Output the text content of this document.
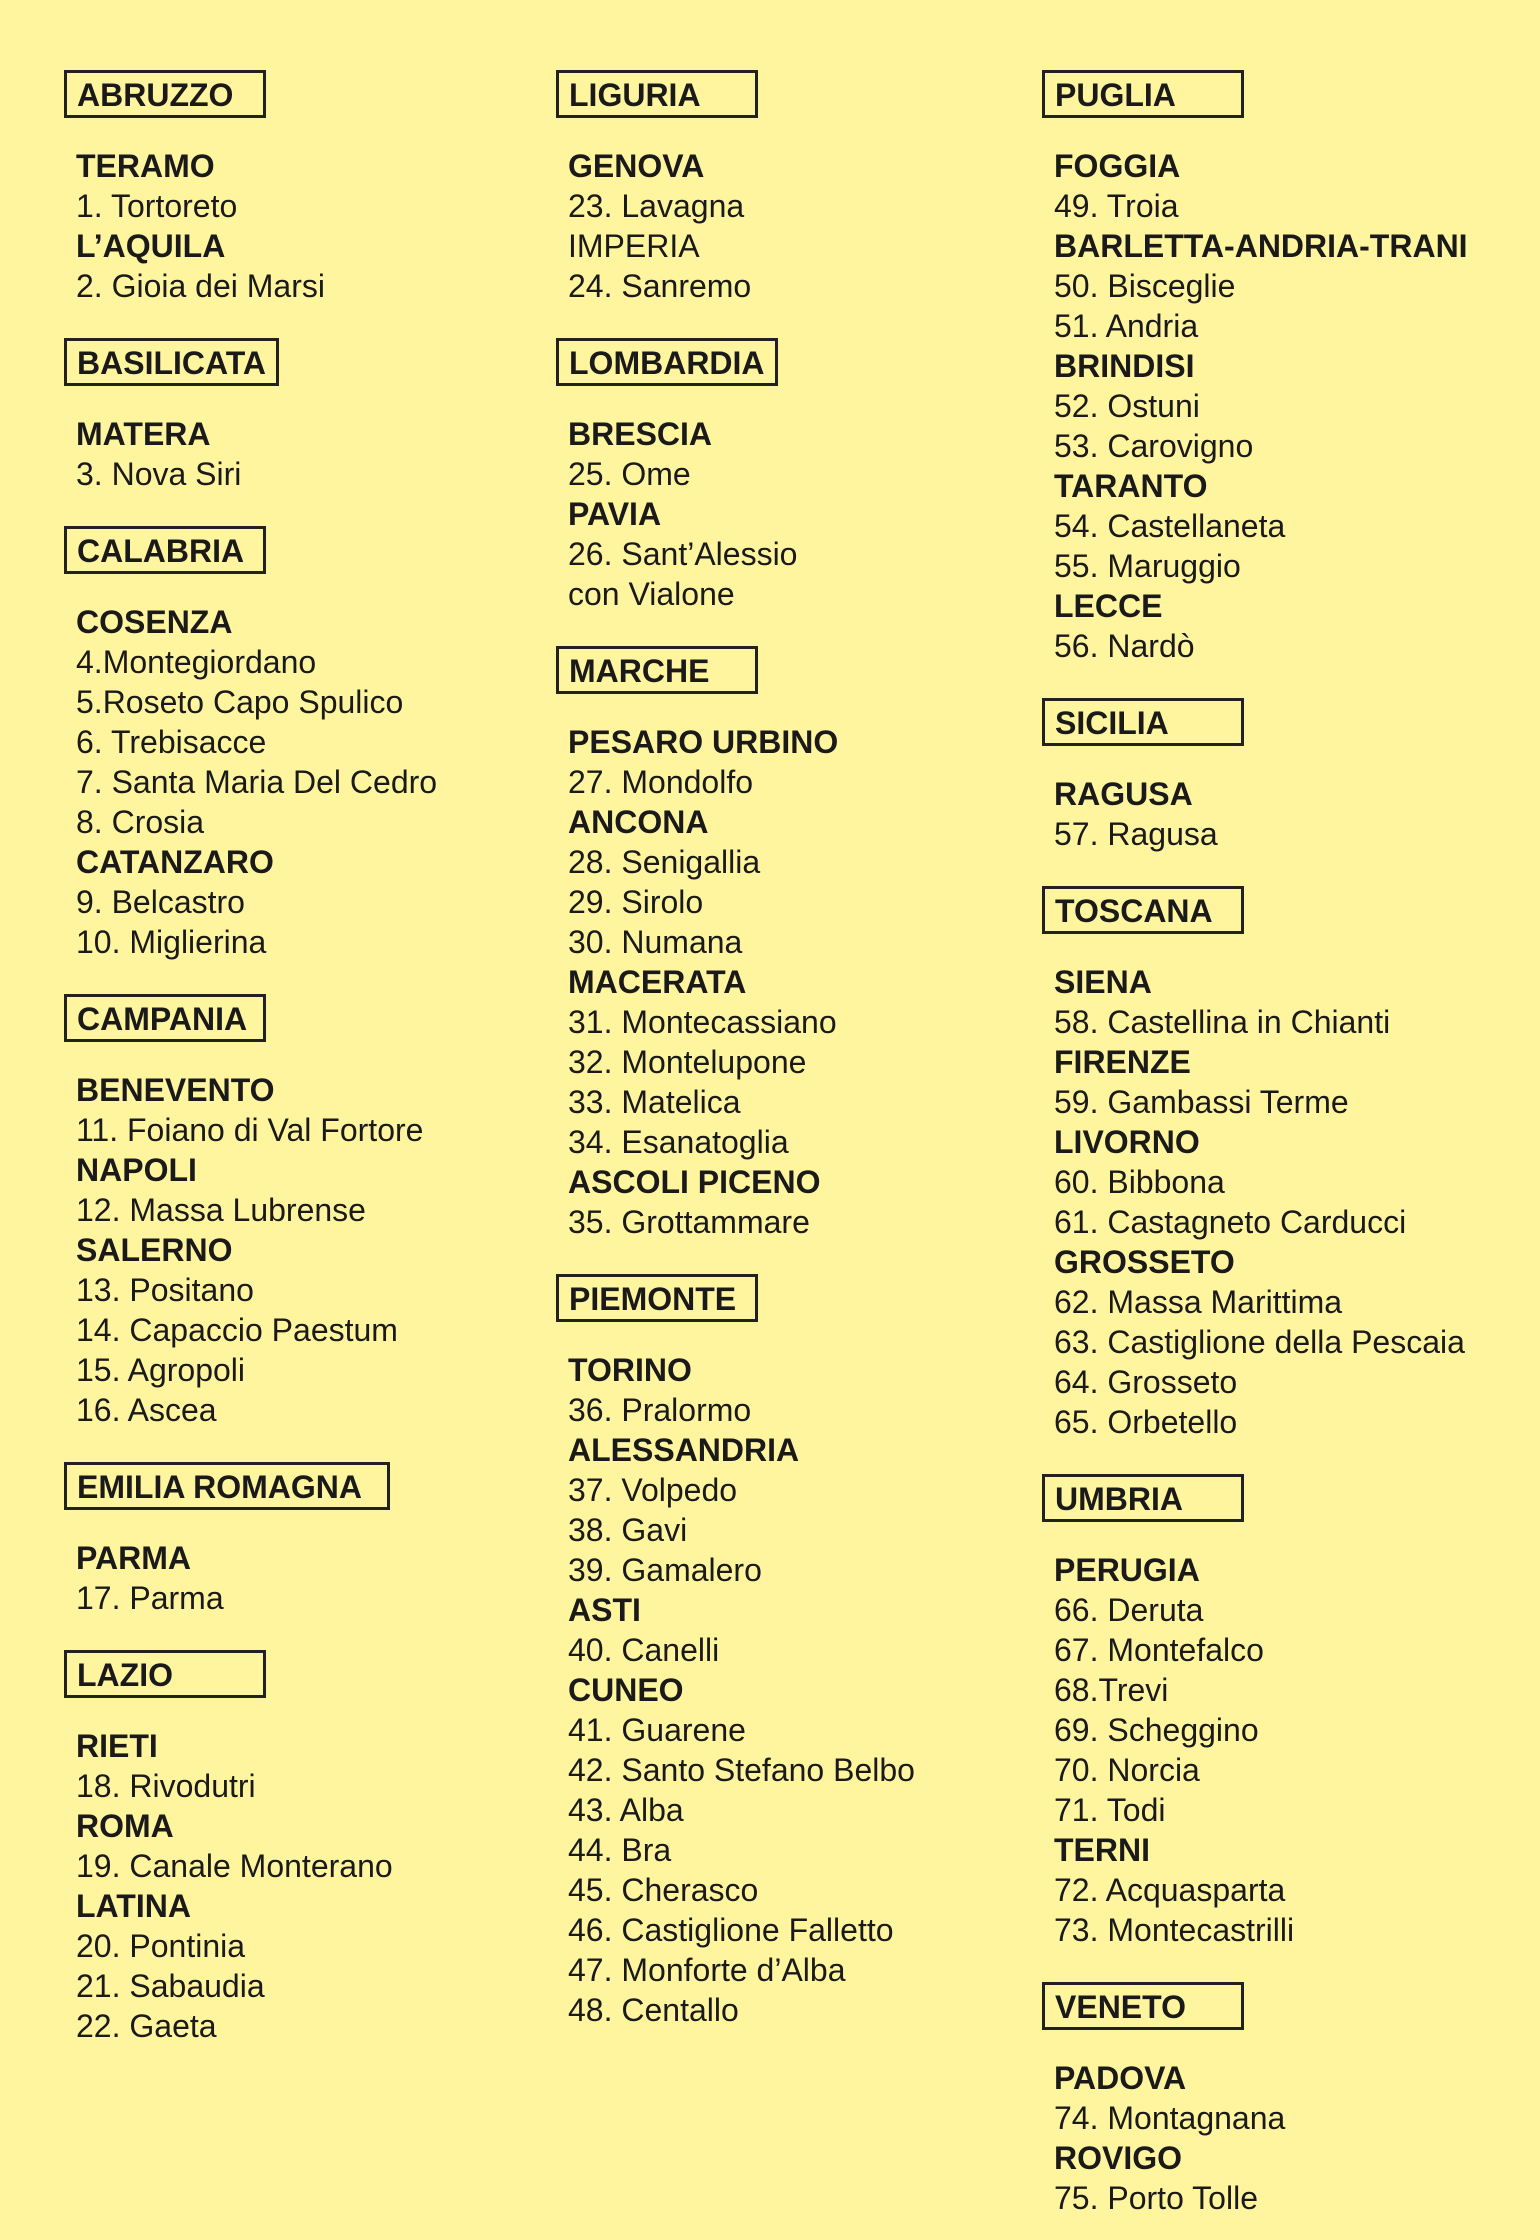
ABRUZZO
TERAMO
1. Tortoreto
L’AQUILA
2. Gioia dei Marsi
BASILICATA
MATERA
3. Nova Siri
CALABRIA
COSENZA
4.Montegiordano
5.Roseto Capo Spulico
6. Trebisacce
7. Santa Maria Del Cedro
8. Crosia
CATANZARO
9. Belcastro
10. Miglierina
CAMPANIA
BENEVENTO
11. Foiano di Val Fortore
NAPOLI
12. Massa Lubrense
SALERNO
13. Positano
14. Capaccio Paestum
15. Agropoli
16. Ascea
EMILIA ROMAGNA
PARMA
17. Parma
LAZIO
RIETI
18. Rivodutri
ROMA
19. Canale Monterano
LATINA
20. Pontinia
21. Sabaudia
22. Gaeta
LIGURIA
GENOVA
23. Lavagna
IMPERIA
24. Sanremo
LOMBARDIA
BRESCIA
25. Ome
PAVIA
26. Sant’Alessio
con Vialone
MARCHE
PESARO URBINO
27. Mondolfo
ANCONA
28. Senigallia
29. Sirolo
30. Numana
MACERATA
31. Montecassiano
32. Montelupone
33. Matelica
34. Esanatoglia
ASCOLI PICENO
35. Grottammare
PIEMONTE
TORINO
36. Pralormo
ALESSANDRIA
37. Volpedo
38. Gavi
39. Gamalero
ASTI
40. Canelli
CUNEO
41. Guarene
42. Santo Stefano Belbo
43. Alba
44. Bra
45. Cherasco
46. Castiglione Falletto
47. Monforte d’Alba
48. Centallo
PUGLIA
FOGGIA
49. Troia
BARLETTA-ANDRIA-TRANI
50. Bisceglie
51. Andria
BRINDISI
52. Ostuni
53. Carovigno
TARANTO
54. Castellaneta
55. Maruggio
LECCE
56. Nardò
SICILIA
RAGUSA
57. Ragusa
TOSCANA
SIENA
58. Castellina in Chianti
FIRENZE
59. Gambassi Terme
LIVORNO
60. Bibbona
61. Castagneto Carducci
GROSSETO
62. Massa Marittima
63. Castiglione della Pescaia
64. Grosseto
65. Orbetello
UMBRIA
PERUGIA
66. Deruta
67. Montefalco
68.Trevi
69. Scheggino
70. Norcia
71. Todi
TERNI
72. Acquasparta
73. Montecastrilli
VENETO
PADOVA
74. Montagnana
ROVIGO
75. Porto Tolle
